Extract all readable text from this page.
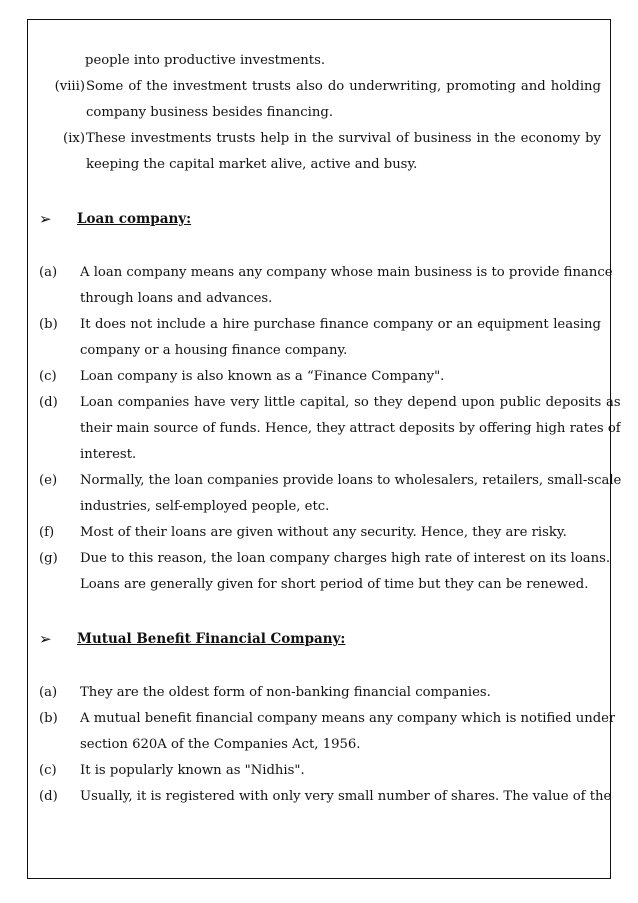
people into productive investments.
(viii) Some of the investment trusts also do underwriting, promoting and holding
company business besides financing.
(ix) These investments trusts help in the survival of business in the economy by
keeping the capital market alive, active and busy.
➢	Loan company:
(a)	A loan company means any company whose main business is to provide finance
through loans and advances.
(b)	It does not include a hire purchase finance company or an equipment leasing
company or a housing finance company.
(c)	Loan company is also known as a “Finance Company".
(d)	Loan companies have very little capital, so they depend upon public deposits as
their main source of funds. Hence, they attract deposits by offering high rates of
interest.
(e)	Normally, the loan companies provide loans to wholesalers, retailers, small-scale
industries, self-employed people, etc.
(f)	Most of their loans are given without any security. Hence, they are risky.
(g)	Due to this reason, the loan company charges high rate of interest on its loans.
Loans are generally given for short period of time but they can be renewed.
➢	Mutual Benefit Financial Company:
(a)	They are the oldest form of non-banking financial companies.
(b)	A mutual benefit financial company means any company which is notified under
section 620A of the Companies Act, 1956.
(c)	It is popularly known as "Nidhis".
(d)	Usually, it is registered with only very small number of shares. The value of the
